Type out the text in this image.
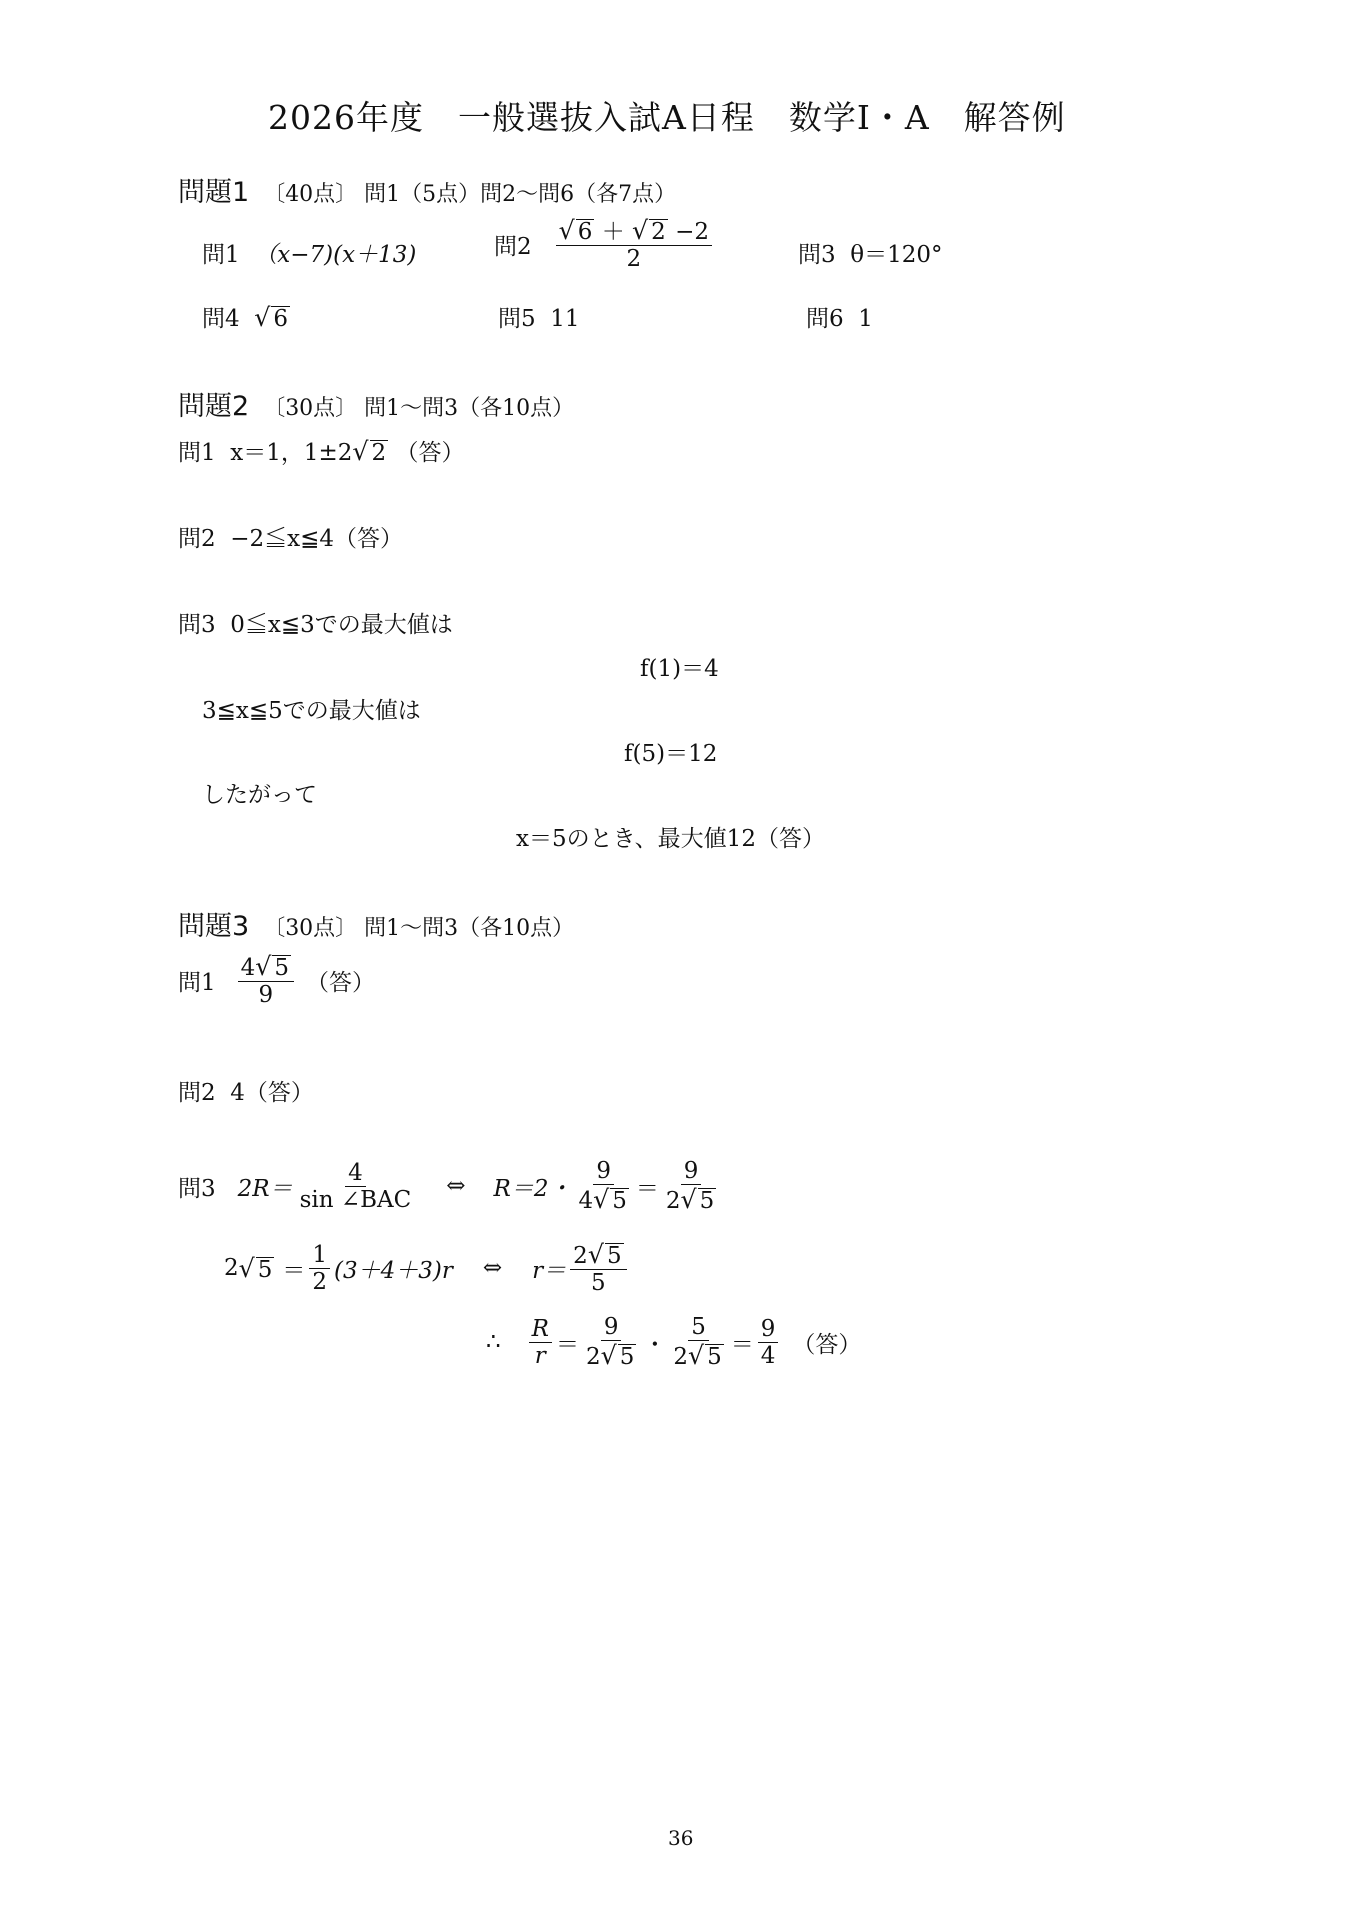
2026年度　一般選抜入試A日程　数学Ⅰ・A　解答例
問題1 〔40点〕 問1（5点）問2〜問6（各7点）
問1 （x−7)(x＋13)	問$2 \frac{√ 6 + √ 2 -2}{2}$	問3 θ＝120°
問4 √ 6	問5 11	問6 1
問題2 〔30点〕 問1〜問3（各10点）
問1 x＝1，1±2 √ 2 （答）
問2 −2≦x≦4（答）
問3 0≦x≦3での最大値は
f(1)＝4
3≦x≦5での最大値は
f(5)＝12
したがって
x＝5のとき、最大値12（答）
問題3 〔30点〕 問1〜問3（各10点）
問$1 \frac{4 √ 5}{9}$ （答）
問2 4（答）
問3 $2R= \frac{4}{\text{sin ∠BAC}}$ ⇔ R＝2・ $\frac{9}{4 √ 5} = \frac{9}{2 √ 5}$
2 √ $5 = \frac{1}{2} (3+4+3)r$ ⇔ $r= \frac{2 √ 5}{5}$
∴ $\frac{R}{r} = \frac{9}{2 √ 5}$ ・ $\frac{5}{2 √ 5} = \frac{9}{4}$ （答）
36
